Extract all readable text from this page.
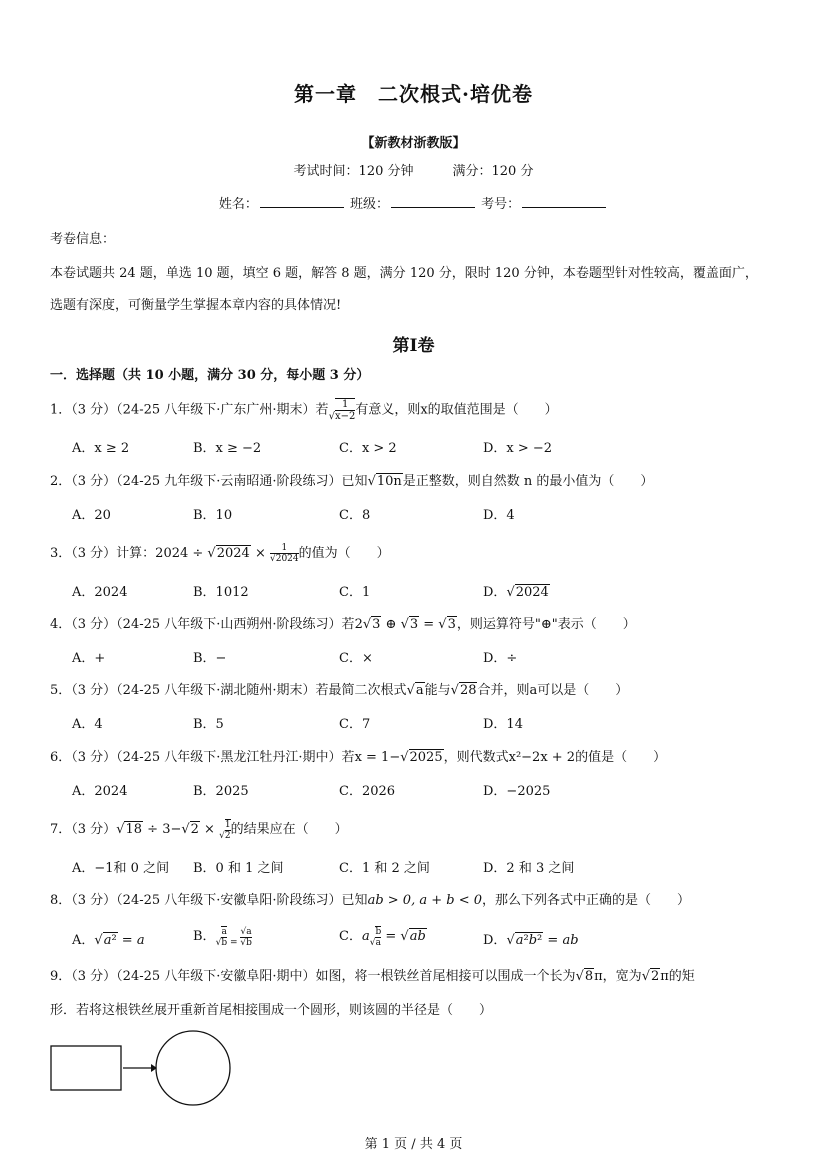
第一章　二次根式·培优卷
【新教材浙教版】
考试时间：120 分钟　　　满分：120 分
姓名：	班级：	考号：
考卷信息：
本卷试题共 24 题，单选 10 题，填空 6 题，解答 8 题，满分 120 分，限时 120 分钟，本卷题型针对性较高，覆盖面广，
选题有深度，可衡量学生掌握本章内容的具体情况!
第Ⅰ卷
一．选择题（共 10 小题，满分 30 分，每小题 3 分）
1．（3 分）（24-25 八年级下·广东广州·期末）若√ $\frac{1}{x-2}$ 有意义，则x的取值范围是（　　）
A．x ≥ 2	B．x ≥ −2	C．x > 2	D．x > −2
2．（3 分）（24-25 九年级下·云南昭通·阶段练习）已知√10n是正整数，则自然数 n 的最小值为（　　）
A．20	B．10	C．8	D．4
3．（3 分）计算：$2024 \div √2024 \times \frac{1}{√2024}$ 的值为（　　）
A．2024	B．1012	C．1	D．√2024
4．（3 分）（24-25 八年级下·山西朔州·阶段练习）若2√3 ⊕ √3 = √3，则运算符号"⊕"表示（　　）
A．+	B．−	C．×	D．÷
5．（3 分）（24-25 八年级下·湖北随州·期末）若最简二次根式√a能与√28合并，则a可以是（　　）
A．4	B．5	C．7	D．14
6．（3 分）（24-25 八年级下·黑龙江牡丹江·期中）若x = 1−√2025，则代数式x²−2x + 2的值是（　　）
A．2024	B．2025	C．2026	D．−2025
7．（3 分）√18 ÷ 3−√2 × √ $\frac{1}{2}$ 的结果应在（　　）
A．−1和 0 之间 B．0 和 1 之间	C．1 和 2 之间	D．2 和 3 之间
8．（3 分）（24-25 八年级下·安徽阜阳·阶段练习）已知ab > 0, a + b < 0，那么下列各式中正确的是（　　）
A．√a² = a	B．√ $\frac{a}{b} = \frac{√a}{√b}$	C．$a√ \frac{b}{a} = √ab$	D．√a²b² = ab
9．（3 分）（24-25 八年级下·安徽阜阳·期中）如图，将一根铁丝首尾相接可以围成一个长为√8π，宽为√2π的矩
形．若将这根铁丝展开重新首尾相接围成一个圆形，则该圆的半径是（　　）
第 1 页 / 共 4 页
